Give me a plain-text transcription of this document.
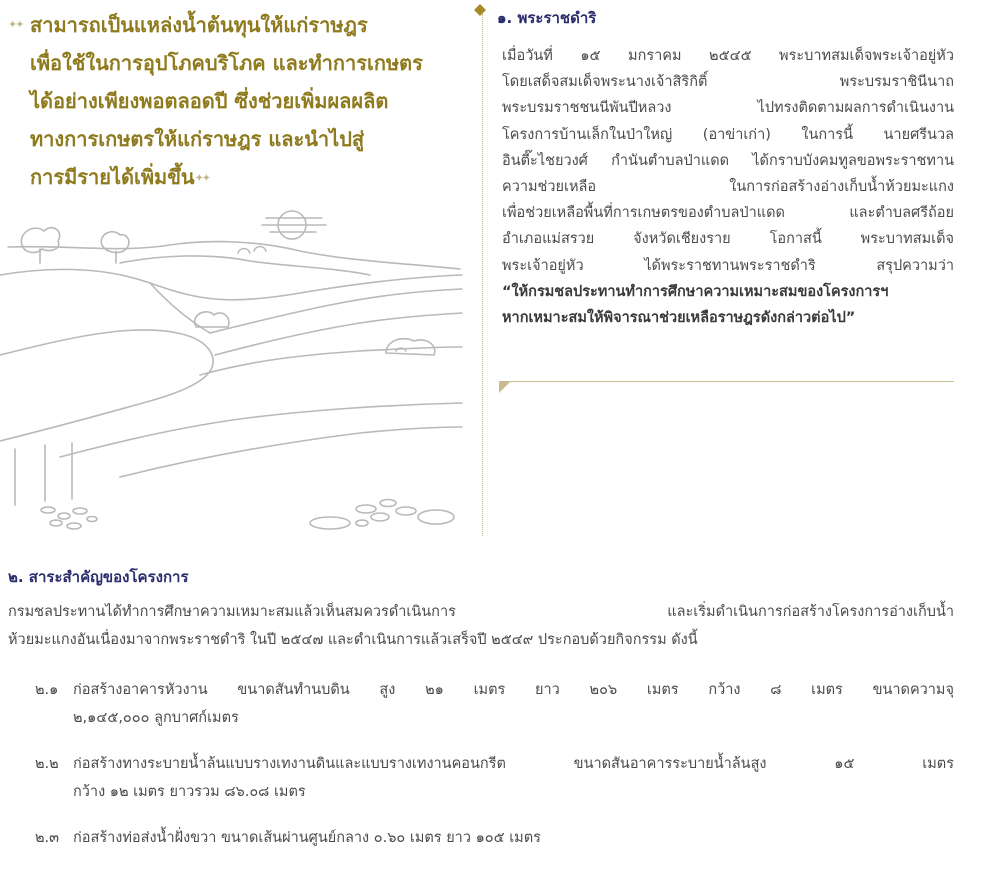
✦✦ สามารถเป็นแหล่งน้ำต้นทุนให้แก่ราษฎร
เพื่อใช้ในการอุปโภคบริโภค และทำการเกษตร
ได้อย่างเพียงพอตลอดปี ซึ่งช่วยเพิ่มผลผลิต
ทางการเกษตรให้แก่ราษฎร และนำไปสู่
การมีรายได้เพิ่มขึ้น✦✦
๑. พระราชดำริ
เมื่อวันที่ ๑๕ มกราคม ๒๕๔๕ พระบาทสมเด็จพระเจ้าอยู่หัว
โดยเสด็จสมเด็จพระนางเจ้าสิริกิติ์ พระบรมราชินีนาถ
พระบรมราชชนนีพันปีหลวง ไปทรงติดตามผลการดำเนินงาน
โครงการบ้านเล็กในป่าใหญ่ (อาข่าเก่า) ในการนี้ นายศรีนวล
อินตี๊ะไชยวงศ์ กำนันตำบลป่าแดด ได้กราบบังคมทูลขอพระราชทาน
ความช่วยเหลือ ในการก่อสร้างอ่างเก็บน้ำห้วยมะแกง
เพื่อช่วยเหลือพื้นที่การเกษตรของตำบลป่าแดด และตำบลศรีถ้อย
อำเภอแม่สรวย จังหวัดเชียงราย โอกาสนี้ พระบาทสมเด็จ
พระเจ้าอยู่หัว ได้พระราชทานพระราชดำริ สรุปความว่า
“ให้กรมชลประทานทำการศึกษาความเหมาะสมของโครงการฯ
หากเหมาะสมให้พิจารณาช่วยเหลือราษฎรดังกล่าวต่อไป”
๒. สาระสำคัญของโครงการ
กรมชลประทานได้ทำการศึกษาความเหมาะสมแล้วเห็นสมควรดำเนินการ และเริ่มดำเนินการก่อสร้างโครงการอ่างเก็บน้ำ
ห้วยมะแกงอันเนื่องมาจากพระราชดำริ ในปี ๒๕๔๗ และดำเนินการแล้วเสร็จปี ๒๕๔๙ ประกอบด้วยกิจกรรม ดังนี้
๒.๑	ก่อสร้างอาคารหัวงาน ขนาดสันทำนบดิน สูง ๒๑ เมตร ยาว ๒๐๖ เมตร กว้าง ๘ เมตร ขนาดความจุ
๒,๑๔๕,๐๐๐ ลูกบาศก์เมตร
๒.๒ ก่อสร้างทางระบายน้ำล้นแบบรางเทงานดินและแบบรางเทงานคอนกรีต ขนาดสันอาคารระบายน้ำล้นสูง ๑๕ เมตร
กว้าง ๑๒ เมตร ยาวรวม ๘๖.๐๘ เมตร
๒.๓ ก่อสร้างท่อส่งน้ำฝั่งขวา ขนาดเส้นผ่านศูนย์กลาง ๐.๖๐ เมตร ยาว ๑๐๕ เมตร
